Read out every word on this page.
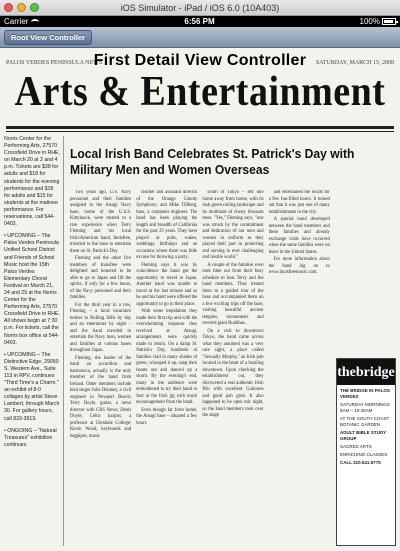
iOS Simulator - iPad / iOS 6.0 (10A403)
Carrier	6:56 PM	100%
Root View Controller
PALOS VERDES PENINSULA NEWS	SATURDAY, MARCH 15, 2008
First Detail View Controller
Arts & Entertainment

Norris Center for the Performing Arts, 27570 Crossfield Drive in RHE, on March 20 at 2 and 4 p.m. Tickets are $38 for adults and $18 for students for the evening performance and $18 for adults and $15 for students at the matinee performance. For reservations, call 544-0403.

• UPCOMING – The Palos Verdes Peninsula Unified School District and Friends of School Music host the 15th Palos Verdes Elementary Choral Festival on March 21, 24 and 25 at the Norris Center for the Performing Arts, 27570 Crossfield Drive in RHE. All shows begin at 7:30 p.m. For tickets, call the Norris box office at 544-0403.

• UPCOMING – The Distinctive Edge, 29050 S. Western Ave., Suite 113 in RPV, continues "Third Time's a Charm," an exhibit of 8-0 collages by artist Steve Lambert, through March 30. For gallery hours, call 833-3913.

• ONGOING – "Natural Treasures" exhibition continues.

Local Irish Band Celebrates St. Patrick's Day with Military Men and Women Overseas

Two years ago, U.S. Navy personnel and their families assigned to the Atsugi Navy base, home of the U.S.S. Kittyhawk, were treated to a rare experience when Terry Fleming and his local Irish/American band, Innisfree, traveled to the base to entertain them on St. Patrick's Day.

Fleming and the other five members of Innisfree were delighted and honored to be able to go to Japan and lift the spirits, if only for a few hours, of the Navy personnel and their families.

For the third year in a row, Fleming – a local insurance broker in Rolling Hills by day and an entertainer by night – and the band traveled to entertain the Navy men, women and families at various bases throughout Japan.

Fleming, the leader of the band on accordion and harmonica, actually is the only member of the band from Ireland. Other members include lead singer Julie Delaney, a civil engineer in Newport Beach; Terry Doyle, guitar, a news director with CBS News; Denis Doyle, Celtic harpist, a professor at Glendale College; Kevin Wood, keyboards and bagpipes, music

teacher and assistant director of the Orange County Symphony; and Mike Tillberg, bass, a computer engineer. The band has been playing the length and breadth of California for the past 25 years. They have played at pubs, wakes, weddings, birthdays and on occasions where there was little excuse for throwing a party.

Fleming says it was by coincidence the band got the opportunity to travel to Japan. Another band was unable to travel at the last minute and so he and his band were offered the opportunity to go in their place.

With some trepidation they made their first trip and with the overwhelming response they received at Atsugi, arrangements were quickly made to return. On a damp St. Patrick's Day, hundreds of families clad in many shades of green, whooped it up, sang their hearts out and danced up a storm. By the evening's end, many in the audience were emboldened to try their hand or foot at the Irish jig with much encouragement from the band.

Even though far from home, the Atsugi base – situated a few hours

south of Tokyo – felt like home away from home, with its lush green rolling landscape and its multitude of cherry blossom trees. "Yes," Fleming says, "one was struck by the commitment and dedication of our men and women in uniform as they played their part in protecting and serving in ever challenging and hostile world."

A couple of the families even took time out from their busy schedule to host Terry and the band members. They treated them to a guided tour of the base and accompanied them on a few exciting trips off the base, visiting beautiful ancient temples, monuments and revered giant Buddhas.

On a visit to downtown Tokyo, the band came across what they assumed was a very rare sight, a place called "Sexually Morphy," an Irish pub located in the heart of a bustling downtown. Upon checking the establishment out, they discovered a real authentic Irish Pub with excellent Guinness and good pub grub. It also happened to be open mic night, so the band members took over the stage

and entertained the locals for a few fun-filled hours. It turned out that it was just one of many establishments in the city.

A special bond developed between the band members and these families and already exchange visits have occurred when the same families were on leave in the United States.

For more information about the band log on to www.innisfreemusic.com.

thebridge

THE BRIDGE IN PALOS VERDES

SATURDAY MORNINGS 9AM – 10:30AM

AT THE SOUTH COAST BOTANIC GARDEN

ADULT BIBLE STUDY GROUP

SACRED ARTS

ENRICHING CLASSES

CALL 310.541.9775
